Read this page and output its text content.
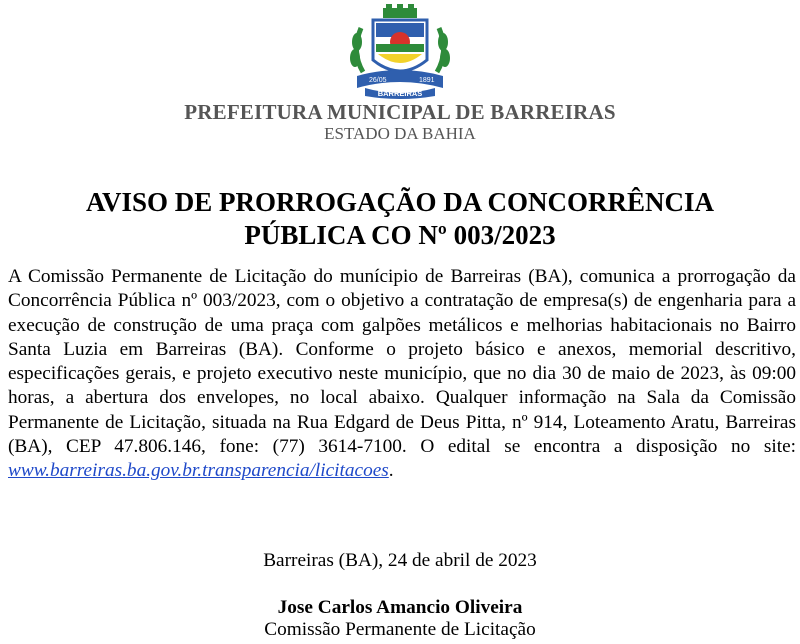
26/05	1891
BARREIRAS
PREFEITURA MUNICIPAL DE BARREIRAS
ESTADO DA BAHIA
AVISO DE PRORROGAÇÃO DA CONCORRÊNCIA
PÚBLICA CO Nº 003/2023
A Comissão Permanente de Licitação do munícipio de Barreiras (BA), comunica a prorrogação da Concorrência Pública nº 003/2023, com o objetivo a contratação de empresa(s) de engenharia para a execução de construção de uma praça com galpões metálicos e melhorias habitacionais no Bairro Santa Luzia em Barreiras (BA). Conforme o projeto básico e anexos, memorial descritivo, especificações gerais, e projeto executivo neste município, que no dia 30 de maio de 2023, às 09:00 horas, a abertura dos envelopes, no local abaixo. Qualquer informação na Sala da Comissão Permanente de Licitação, situada na Rua Edgard de Deus Pitta, nº 914, Loteamento Aratu, Barreiras (BA), CEP 47.806.146, fone: (77) 3614-7100. O edital se encontra a disposição no site: www.barreiras.ba.gov.br.transparencia/licitacoes.
Barreiras (BA), 24 de abril de 2023
Jose Carlos Amancio Oliveira
Comissão Permanente de Licitação
